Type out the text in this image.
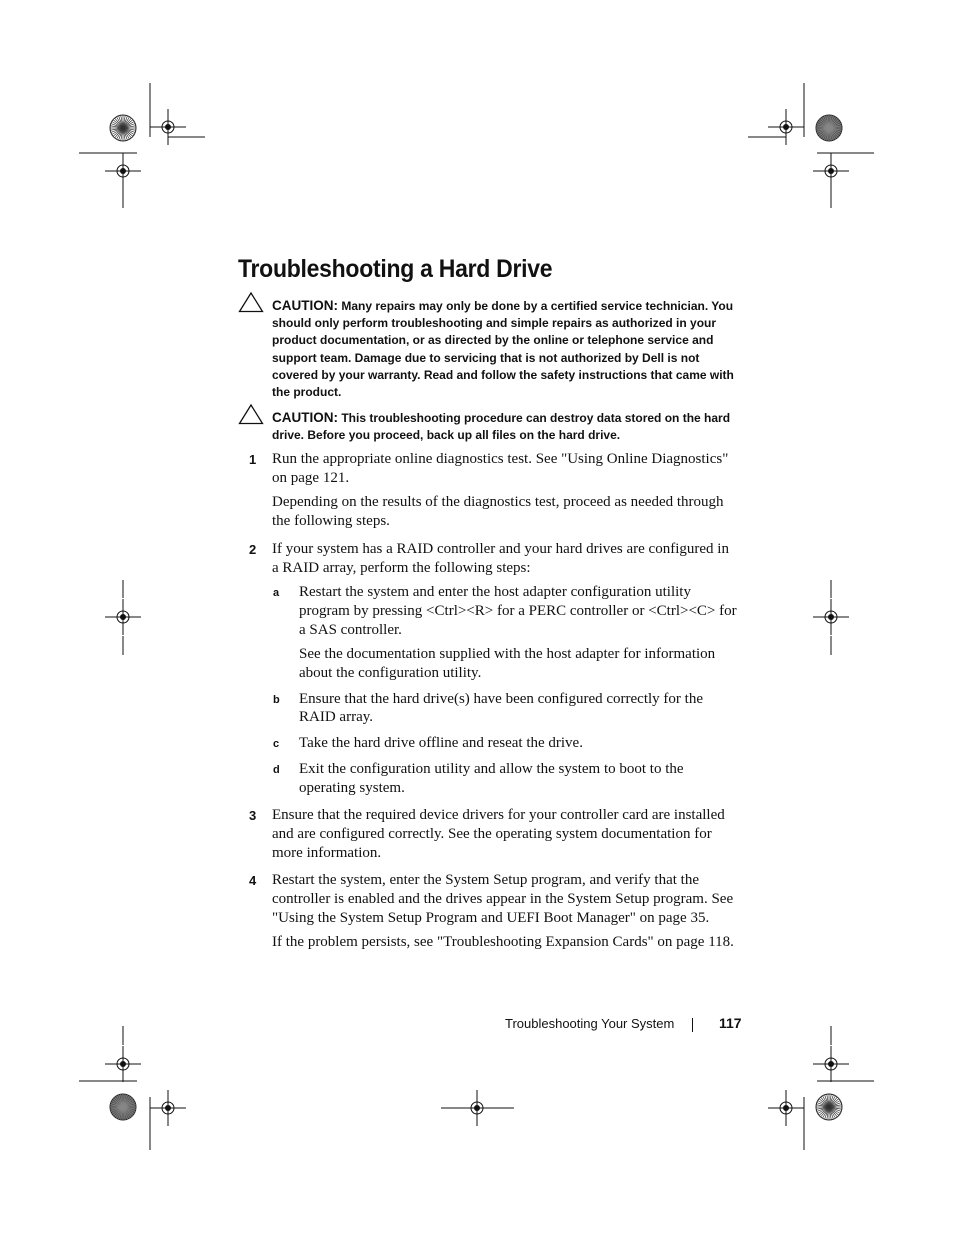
Troubleshooting a Hard Drive
CAUTION: Many repairs may only be done by a certified service technician. You should only perform troubleshooting and simple repairs as authorized in your product documentation, or as directed by the online or telephone service and support team. Damage due to servicing that is not authorized by Dell is not covered by your warranty. Read and follow the safety instructions that came with the product.
CAUTION: This troubleshooting procedure can destroy data stored on the hard drive. Before you proceed, back up all files on the hard drive.
1 Run the appropriate online diagnostics test. See "Using Online Diagnostics" on page 121.

Depending on the results of the diagnostics test, proceed as needed through the following steps.

2 If your system has a RAID controller and your hard drives are configured in a RAID array, perform the following steps:

a Restart the system and enter the host adapter configuration utility program by pressing <Ctrl><R> for a PERC controller or <Ctrl><C> for a SAS controller.

See the documentation supplied with the host adapter for information about the configuration utility.

b Ensure that the hard drive(s) have been configured correctly for the RAID array.

c Take the hard drive offline and reseat the drive.

d Exit the configuration utility and allow the system to boot to the operating system.

3 Ensure that the required device drivers for your controller card are installed and are configured correctly. See the operating system documentation for more information.

4 Restart the system, enter the System Setup program, and verify that the controller is enabled and the drives appear in the System Setup program. See "Using the System Setup Program and UEFI Boot Manager" on page 35.

If the problem persists, see "Troubleshooting Expansion Cards" on page 118.

Troubleshooting Your System	117
